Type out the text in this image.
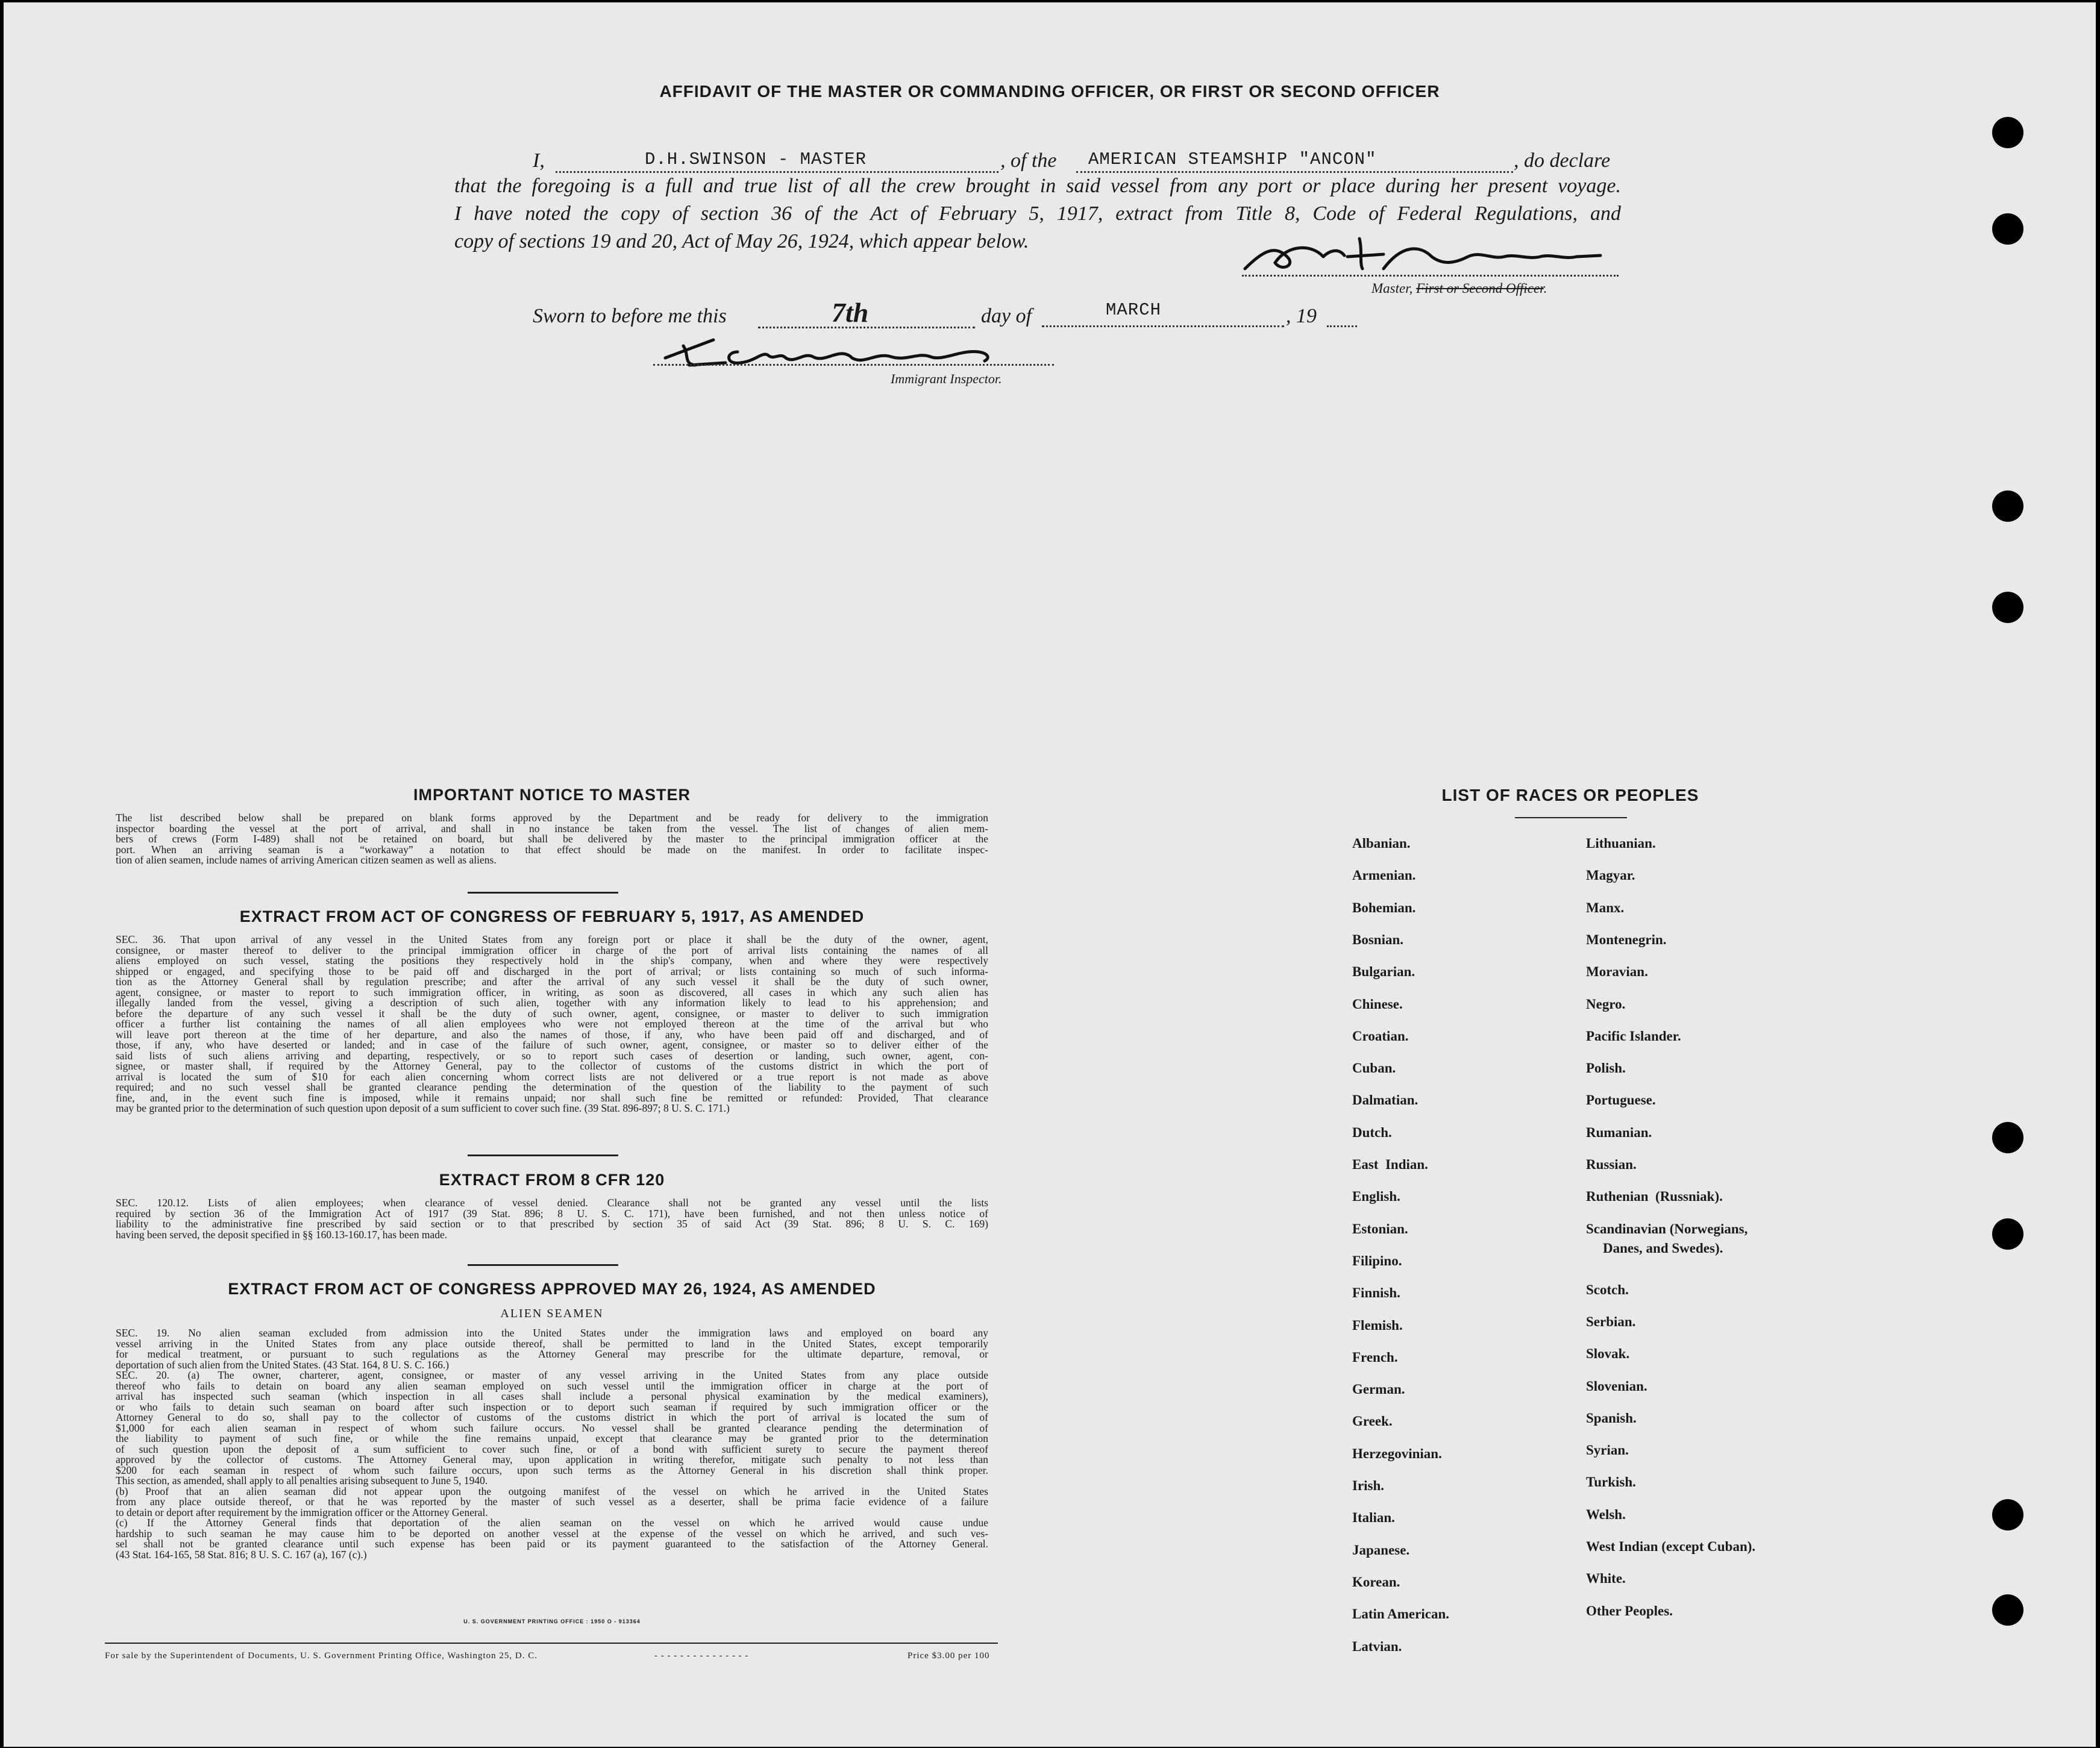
AFFIDAVIT OF THE MASTER OR COMMANDING OFFICER, OR FIRST OR SECOND OFFICER
I,	D.H.SWINSON - MASTER	, of the AMERICAN STEAMSHIP "ANCON"	, do declare
that the foregoing is a full and true list of all the crew brought in said vessel from any port or place during her present voyage.
I have noted the copy of section 36 of the Act of February 5, 1917, extract from Title 8, Code of Federal Regulations, and
copy of sections 19 and 20, Act of May 26, 1924, which appear below.
Master, First or Second Officer.
Sworn to before me this	7th	day of	MARCH	, 19
Immigrant Inspector.
IMPORTANT NOTICE TO MASTER
The list described below shall be prepared on blank forms approved by the Department and be ready for delivery to the immigration
inspector boarding the vessel at the port of arrival, and shall in no instance be taken from the vessel. The list of changes of alien mem-
bers of crews (Form I-489) shall not be retained on board, but shall be delivered by the master to the principal immigration officer at the
port. When an arriving seaman is a “workaway” a notation to that effect should be made on the manifest. In order to facilitate inspec-
tion of alien seamen, include names of arriving American citizen seamen as well as aliens.
EXTRACT FROM ACT OF CONGRESS OF FEBRUARY 5, 1917, AS AMENDED
SEC. 36. That upon arrival of any vessel in the United States from any foreign port or place it shall be the duty of the owner, agent,
consignee, or master thereof to deliver to the principal immigration officer in charge of the port of arrival lists containing the names of all
aliens employed on such vessel, stating the positions they respectively hold in the ship's company, when and where they were respectively
shipped or engaged, and specifying those to be paid off and discharged in the port of arrival; or lists containing so much of such informa-
tion as the Attorney General shall by regulation prescribe; and after the arrival of any such vessel it shall be the duty of such owner,
agent, consignee, or master to report to such immigration officer, in writing, as soon as discovered, all cases in which any such alien has
illegally landed from the vessel, giving a description of such alien, together with any information likely to lead to his apprehension; and
before the departure of any such vessel it shall be the duty of such owner, agent, consignee, or master to deliver to such immigration
officer a further list containing the names of all alien employees who were not employed thereon at the time of the arrival but who
will leave port thereon at the time of her departure, and also the names of those, if any, who have been paid off and discharged, and of
those, if any, who have deserted or landed; and in case of the failure of such owner, agent, consignee, or master so to deliver either of the
said lists of such aliens arriving and departing, respectively, or so to report such cases of desertion or landing, such owner, agent, con-
signee, or master shall, if required by the Attorney General, pay to the collector of customs of the customs district in which the port of
arrival is located the sum of $10 for each alien concerning whom correct lists are not delivered or a true report is not made as above
required; and no such vessel shall be granted clearance pending the determination of the question of the liability to the payment of such
fine, and, in the event such fine is imposed, while it remains unpaid; nor shall such fine be remitted or refunded: Provided, That clearance
may be granted prior to the determination of such question upon deposit of a sum sufficient to cover such fine. (39 Stat. 896-897; 8 U. S. C. 171.)
EXTRACT FROM 8 CFR 120
SEC. 120.12. Lists of alien employees; when clearance of vessel denied. Clearance shall not be granted any vessel until the lists
required by section 36 of the Immigration Act of 1917 (39 Stat. 896; 8 U. S. C. 171), have been furnished, and not then unless notice of
liability to the administrative fine prescribed by said section or to that prescribed by section 35 of said Act (39 Stat. 896; 8 U. S. C. 169)
having been served, the deposit specified in §§ 160.13-160.17, has been made.
EXTRACT FROM ACT OF CONGRESS APPROVED MAY 26, 1924, AS AMENDED
ALIEN SEAMEN
SEC. 19. No alien seaman excluded from admission into the United States under the immigration laws and employed on board any
vessel arriving in the United States from any place outside thereof, shall be permitted to land in the United States, except temporarily
for medical treatment, or pursuant to such regulations as the Attorney General may prescribe for the ultimate departure, removal, or
deportation of such alien from the United States. (43 Stat. 164, 8 U. S. C. 166.)
SEC. 20. (a) The owner, charterer, agent, consignee, or master of any vessel arriving in the United States from any place outside
thereof who fails to detain on board any alien seaman employed on such vessel until the immigration officer in charge at the port of
arrival has inspected such seaman (which inspection in all cases shall include a personal physical examination by the medical examiners),
or who fails to detain such seaman on board after such inspection or to deport such seaman if required by such immigration officer or the
Attorney General to do so, shall pay to the collector of customs of the customs district in which the port of arrival is located the sum of
$1,000 for each alien seaman in respect of whom such failure occurs. No vessel shall be granted clearance pending the determination of
the liability to payment of such fine, or while the fine remains unpaid, except that clearance may be granted prior to the determination
of such question upon the deposit of a sum sufficient to cover such fine, or of a bond with sufficient surety to secure the payment thereof
approved by the collector of customs. The Attorney General may, upon application in writing therefor, mitigate such penalty to not less than
$200 for each seaman in respect of whom such failure occurs, upon such terms as the Attorney General in his discretion shall think proper.
This section, as amended, shall apply to all penalties arising subsequent to June 5, 1940.
(b) Proof that an alien seaman did not appear upon the outgoing manifest of the vessel on which he arrived in the United States
from any place outside thereof, or that he was reported by the master of such vessel as a deserter, shall be prima facie evidence of a failure
to detain or deport after requirement by the immigration officer or the Attorney General.
(c) If the Attorney General finds that deportation of the alien seaman on the vessel on which he arrived would cause undue
hardship to such seaman he may cause him to be deported on another vessel at the expense of the vessel on which he arrived, and such ves-
sel shall not be granted clearance until such expense has been paid or its payment guaranteed to the satisfaction of the Attorney General.
(43 Stat. 164-165, 58 Stat. 816; 8 U. S. C. 167 (a), 167 (c).)
U. S. GOVERNMENT PRINTING OFFICE : 1950 O - 913364
For sale by the Superintendent of Documents, U. S. Government Printing Office, Washington 25, D. C.	- - - - - - - - - - - - - - -	Price $3.00 per 100
LIST OF RACES OR PEOPLES
Albanian.
Armenian.
Bohemian.
Bosnian.
Bulgarian.
Chinese.
Croatian.
Cuban.
Dalmatian.
Dutch.
East  Indian.
English.
Estonian.
Filipino.
Finnish.
Flemish.
French.
German.
Greek.
Herzegovinian.
Irish.
Italian.
Japanese.
Korean.
Latin American.
Latvian.
Lithuanian.
Magyar.
Manx.
Montenegrin.
Moravian.
Negro.
Pacific Islander.
Polish.
Portuguese.
Rumanian.
Russian.
Ruthenian  (Russniak).
Scandinavian (Norwegians,
Danes, and Swedes).
Scotch.
Serbian.
Slovak.
Slovenian.
Spanish.
Syrian.
Turkish.
Welsh.
West Indian (except Cuban).
White.
Other Peoples.
